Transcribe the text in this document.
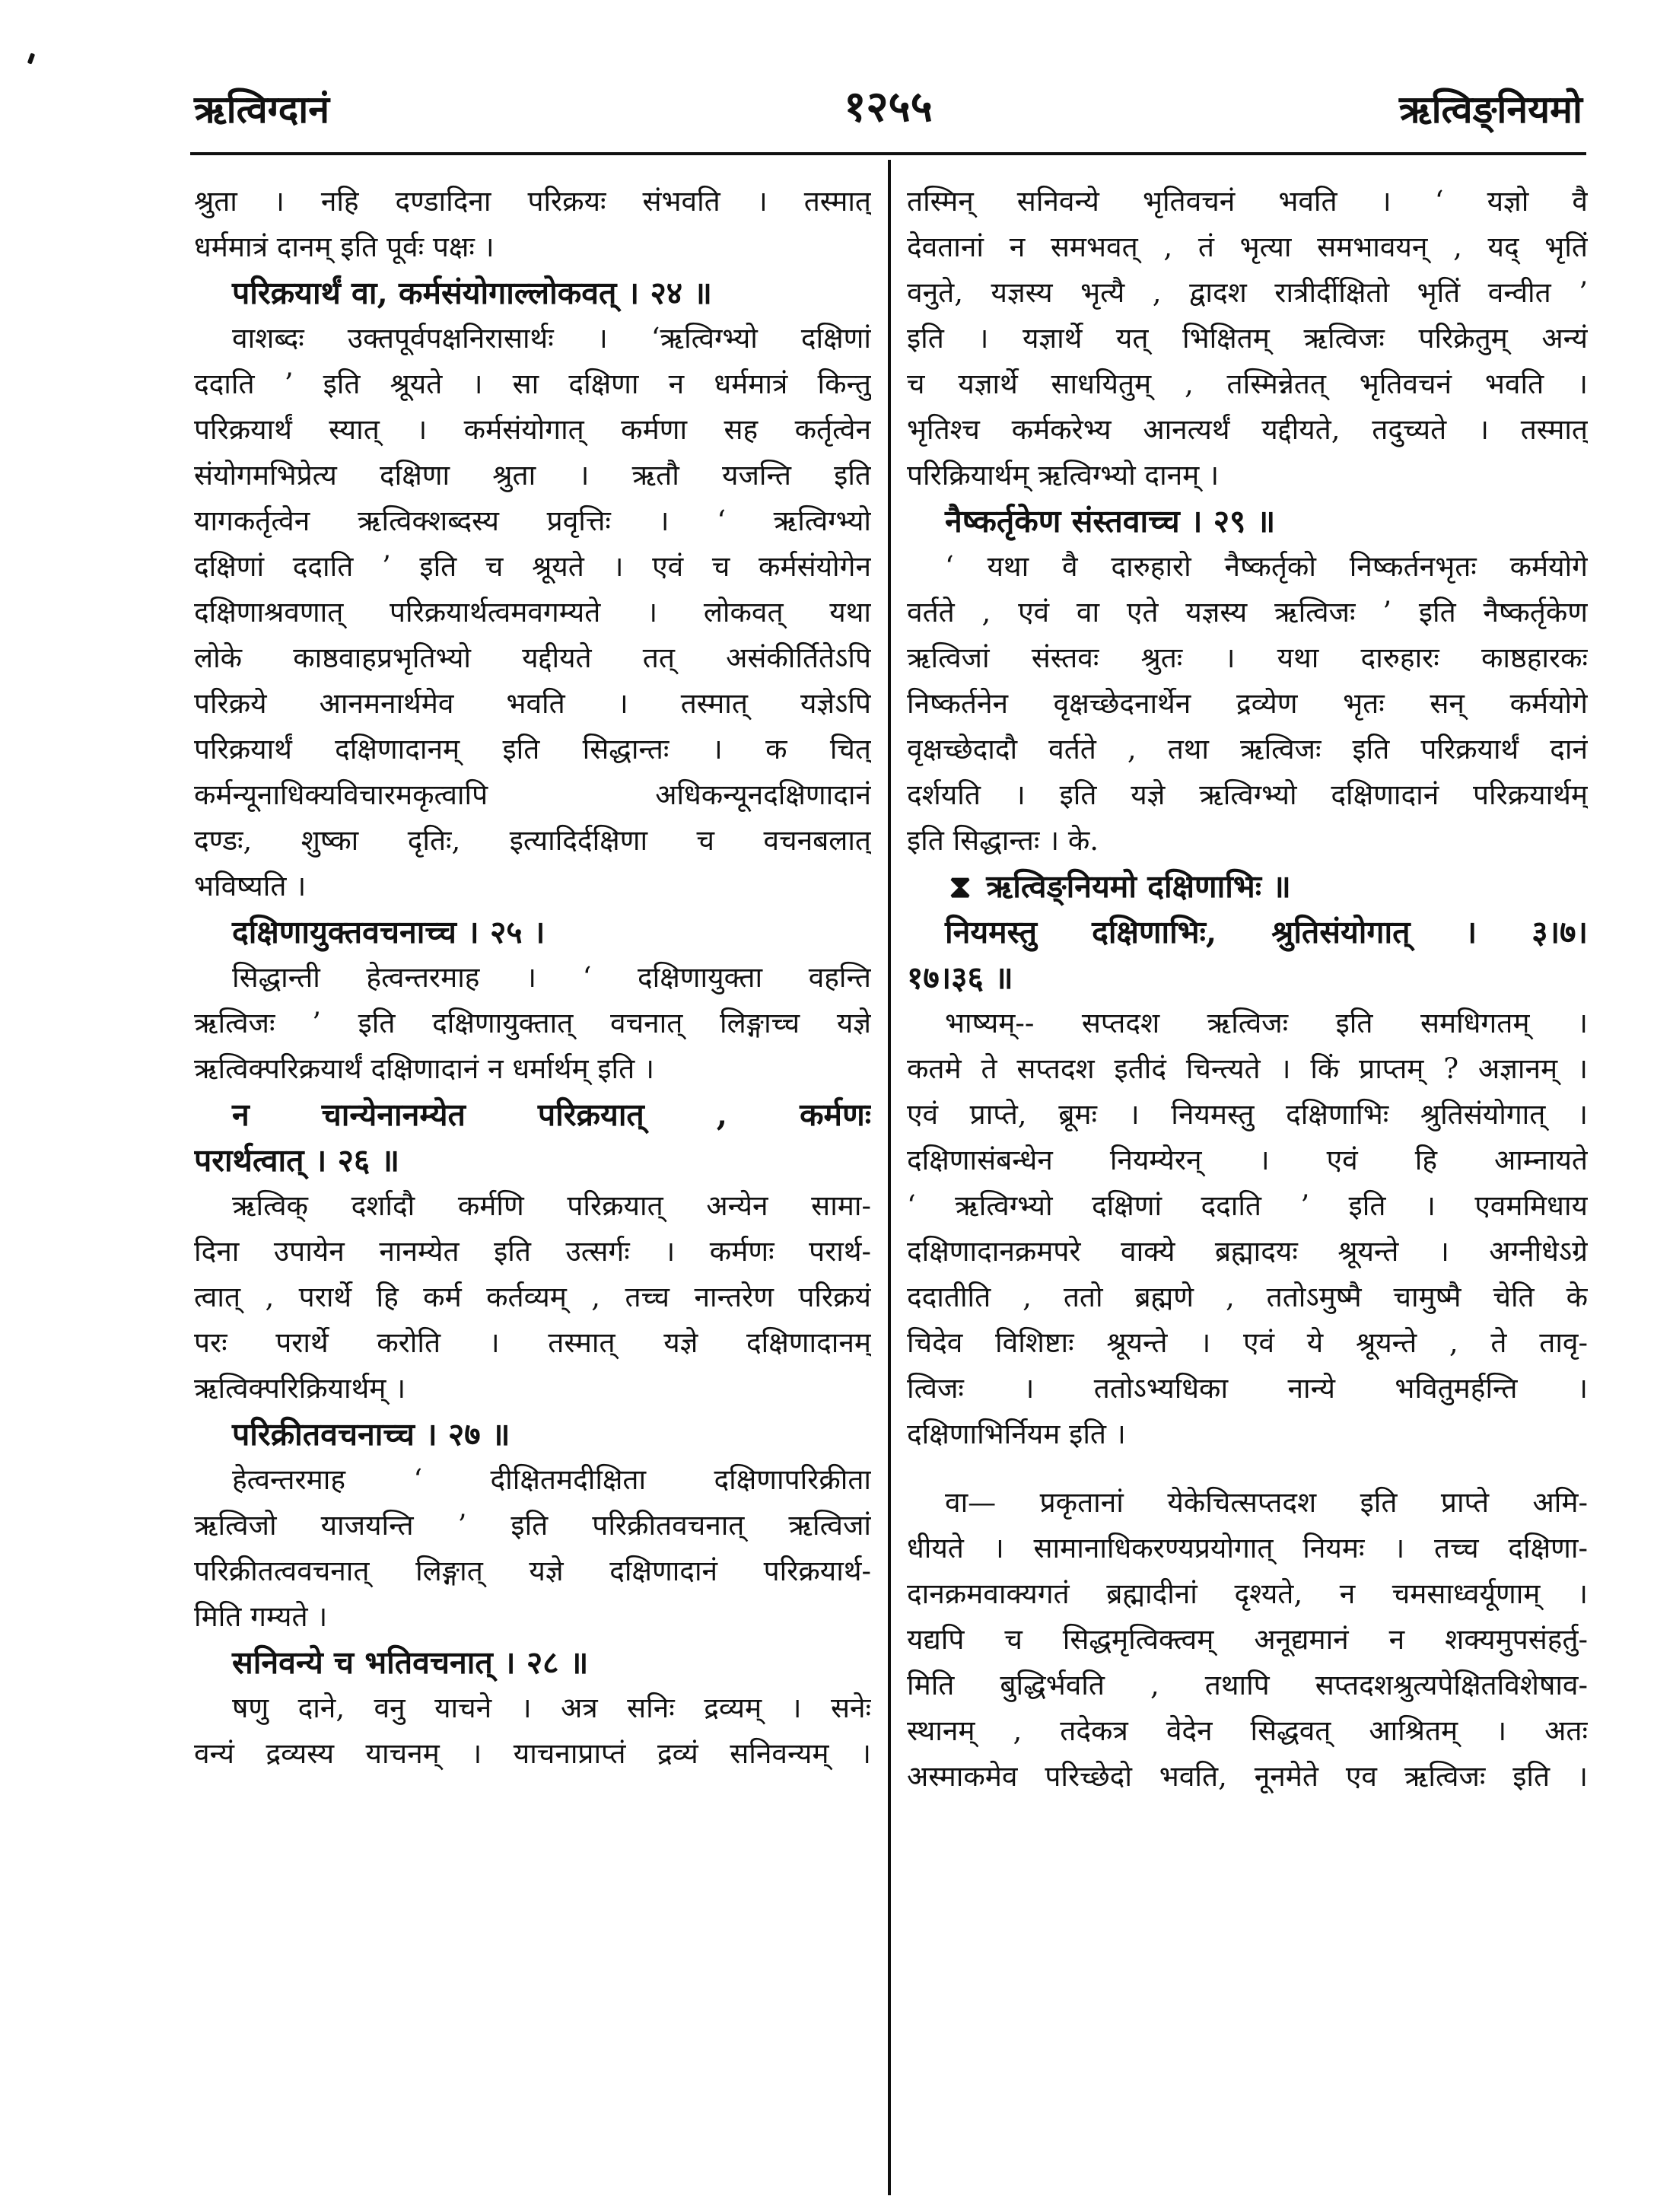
ऋत्विग्दानं	१२५५	ऋत्विङ्नियमो
श्रुता । नहि दण्डादिना परिक्रयः संभवति । तस्मात्
धर्ममात्रं दानम् इति पूर्वः पक्षः ।
परिक्रयार्थं वा, कर्मसंयोगाल्लोकवत् । २४ ॥
वाशब्दः उक्तपूर्वपक्षनिरासार्थः । ‘ऋत्विग्भ्यो दक्षिणां
ददाति ’ इति श्रूयते । सा दक्षिणा न धर्ममात्रं किन्तु
परिक्रयार्थं स्यात् । कर्मसंयोगात् कर्मणा सह कर्तृत्वेन
संयोगमभिप्रेत्य दक्षिणा श्रुता । ऋतौ यजन्ति इति
यागकर्तृत्वेन ऋत्विक्शब्दस्य प्रवृत्तिः । ‘ ऋत्विग्भ्यो
दक्षिणां ददाति ’ इति च श्रूयते । एवं च कर्मसंयोगेन
दक्षिणाश्रवणात् परिक्रयार्थत्वमवगम्यते । लोकवत् यथा
लोके काष्ठवाहप्रभृतिभ्यो यद्दीयते तत् असंकीर्तितेऽपि
परिक्रये आनमनार्थमेव भवति । तस्मात् यज्ञेऽपि
परिक्रयार्थं दक्षिणादानम् इति सिद्धान्तः । क चित्
कर्मन्यूनाधिक्यविचारमकृत्वापि अधिकन्यूनदक्षिणादानं
दण्डः, शुष्का दृतिः, इत्यादिर्दक्षिणा च वचनबलात्
भविष्यति ।
दक्षिणायुक्तवचनाच्च । २५ ।
सिद्धान्ती हेत्वन्तरमाह । ‘ दक्षिणायुक्ता वहन्ति
ऋत्विजः ’ इति दक्षिणायुक्तात् वचनात् लिङ्गाच्च यज्ञे
ऋत्विक्परिक्रयार्थं दक्षिणादानं न धर्मार्थम् इति ।
न चान्येनानम्येत परिक्रयात् , कर्मणः
परार्थत्वात् । २६ ॥
ऋत्विक् दर्शादौ कर्मणि परिक्रयात् अन्येन सामा-
दिना उपायेन नानम्येत इति उत्सर्गः । कर्मणः परार्थ-
त्वात् , परार्थे हि कर्म कर्तव्यम् , तच्च नान्तरेण परिक्रयं
परः परार्थे करोति । तस्मात् यज्ञे दक्षिणादानम्
ऋत्विक्परिक्रियार्थम् ।
परिक्रीतवचनाच्च । २७ ॥
हेत्वन्तरमाह ‘ दीक्षितमदीक्षिता दक्षिणापरिक्रीता
ऋत्विजो याजयन्ति ’ इति परिक्रीतवचनात् ऋत्विजां
परिक्रीतत्ववचनात् लिङ्गात् यज्ञे दक्षिणादानं परिक्रयार्थ-
मिति गम्यते ।
सनिवन्ये च भतिवचनात् । २८ ॥
षणु दाने, वनु याचने । अत्र सनिः द्रव्यम् । सनेः
वन्यं द्रव्यस्य याचनम् । याचनाप्राप्तं द्रव्यं सनिवन्यम् ।
तस्मिन् सनिवन्ये भृतिवचनं भवति । ‘ यज्ञो वै
देवतानां न समभवत् , तं भृत्या समभावयन् , यद् भृतिं
वनुते, यज्ञस्य भृत्यै , द्वादश रात्रीर्दीक्षितो भृतिं वन्वीत ’
इति । यज्ञार्थे यत् भिक्षितम् ऋत्विजः परिक्रेतुम् अन्यं
च यज्ञार्थे साधयितुम् , तस्मिन्नेतत् भृतिवचनं भवति ।
भृतिश्च कर्मकरेभ्य आनत्यर्थं यद्दीयते, तदुच्यते । तस्मात्
परिक्रियार्थम् ऋत्विग्भ्यो दानम् ।
नैष्कर्तृकेण संस्तवाच्च । २९ ॥
‘ यथा वै दारुहारो नैष्कर्तृको निष्कर्तनभृतः कर्मयोगे
वर्तते , एवं वा एते यज्ञस्य ऋत्विजः ’ इति नैष्कर्तृकेण
ऋत्विजां संस्तवः श्रुतः । यथा दारुहारः काष्ठहारकः
निष्कर्तनेन वृक्षच्छेदनार्थेन द्रव्येण भृतः सन् कर्मयोगे
वृक्षच्छेदादौ वर्तते , तथा ऋत्विजः इति परिक्रयार्थं दानं
दर्शयति । इति यज्ञे ऋत्विग्भ्यो दक्षिणादानं परिक्रयार्थम्
इति सिद्धान्तः । के.
⧗ ऋत्विङ्नियमो दक्षिणाभिः ॥
नियमस्तु दक्षिणाभिः, श्रुतिसंयोगात् । ३।७।
१७।३६ ॥
भाष्यम्-- सप्तदश ऋत्विजः इति समधिगतम् ।
कतमे ते सप्तदश इतीदं चिन्त्यते । किं प्राप्तम् ? अज्ञानम् ।
एवं प्राप्ते, ब्रूमः । नियमस्तु दक्षिणाभिः श्रुतिसंयोगात् ।
दक्षिणासंबन्धेन नियम्येरन् । एवं हि आम्नायते
‘ ऋत्विग्भ्यो दक्षिणां ददाति ’ इति । एवममिधाय
दक्षिणादानक्रमपरे वाक्ये ब्रह्मादयः श्रूयन्ते । अग्नीधेऽग्रे
ददातीति , ततो ब्रह्मणे , ततोऽमुष्मै चामुष्मै चेति के
चिदेव विशिष्टाः श्रूयन्ते । एवं ये श्रूयन्ते , ते तावृ-
त्विजः । ततोऽभ्यधिका नान्ये भवितुमर्हन्ति ।
दक्षिणाभिर्नियम इति ।
वा— प्रकृतानां येकेचित्सप्तदश इति प्राप्ते अमि-
धीयते । सामानाधिकरण्यप्रयोगात् नियमः । तच्च दक्षिणा-
दानक्रमवाक्यगतं ब्रह्मादीनां दृश्यते, न चमसाध्वर्यूणाम् ।
यद्यपि च सिद्धमृत्विक्त्वम् अनूद्यमानं न शक्यमुपसंहर्तु-
मिति बुद्धिर्भवति , तथापि सप्तदशश्रुत्यपेक्षितविशेषाव-
स्थानम् , तदेकत्र वेदेन सिद्धवत् आश्रितम् । अतः
अस्माकमेव परिच्छेदो भवति, नूनमेते एव ऋत्विजः इति ।
